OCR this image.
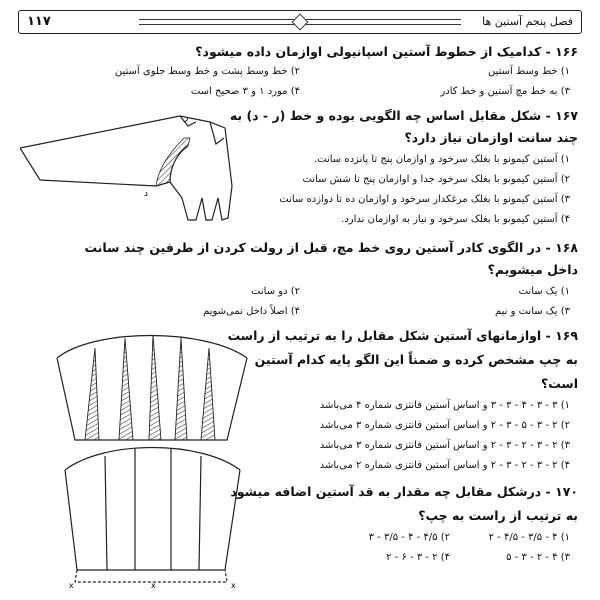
۱۱۷	فصل پنجم آستین ها
۱۶۶ - کدامیک از خطوط آستین اسپانیولی اوازمان داده میشود؟
۱) خط وسط آستین
۲) خط وسط پشت و خط وسط جلوی آستین
۳) به خط مچ آستین و خط کادر
۴) مورد ۱ و ۳ صحیح است
۱۶۷ - شکل مقابل اساس چه الگویی بوده و خط (ر - د) به
چند سانت اوازمان نیاز دارد؟
۱) آستین کیمونو با بغلک سرخود و اوازمان پنج تا پانزده سانت.
۲) آستین کیمونو با بغلک سرخود جدا و اوازمان پنج تا شش سانت
۳) آستین کیمونو با بغلک مرغکدار سرخود و اوازمان ده تا دوازده سانت
۴) آستین کیمونو با بغلک سرخود و نیاز به اوازمان ندارد.
ر
د
۱۶۸ - در الگوی کادر آستین روی خط مچ، قبل از رولت کردن از طرفین چند سانت
داخل میشویم؟
۱) یک سانت
۲) دو سانت
۳) یک سانت و نیم
۴) اصلاً داخل نمی‌شویم
۱۶۹ - اوازمانهای آستین شکل مقابل را به ترتیب از راست
به چپ مشخص کرده و ضمناً این الگو پایه کدام آستین
است؟
۱) ۳ - ۳ - ۴ - ۳ - ۳ و اساس آستین فانتزی شماره ۴ می‌باشد
۲) ۲ - ۳ - ۵ - ۳ - ۲ و اساس آستین فانتزی شماره ۳ می‌باشد
۳) ۲ - ۳ - ۲ - ۳ - ۲ و اساس آستین فانتزی شماره ۳ می‌باشد
۴) ۲ - ۳ - ۲ - ۳ - ۲ و اساس آستین فانتزی شماره ۲ می‌باشد
۱۷۰ - درشکل مقابل چه مقدار به قد آستین اضافه میشود
به ترتیب از راست به چپ؟
۱) ۴ - ۳/۵ - ۴/۵ - ۲
۲) ۴/۵ - ۴ - ۳/۵ - ۳
۳) ۴ - ۲ - ۳ - ۵
۴) ۲ - ۳ - ۶ - ۲
x	x	x
